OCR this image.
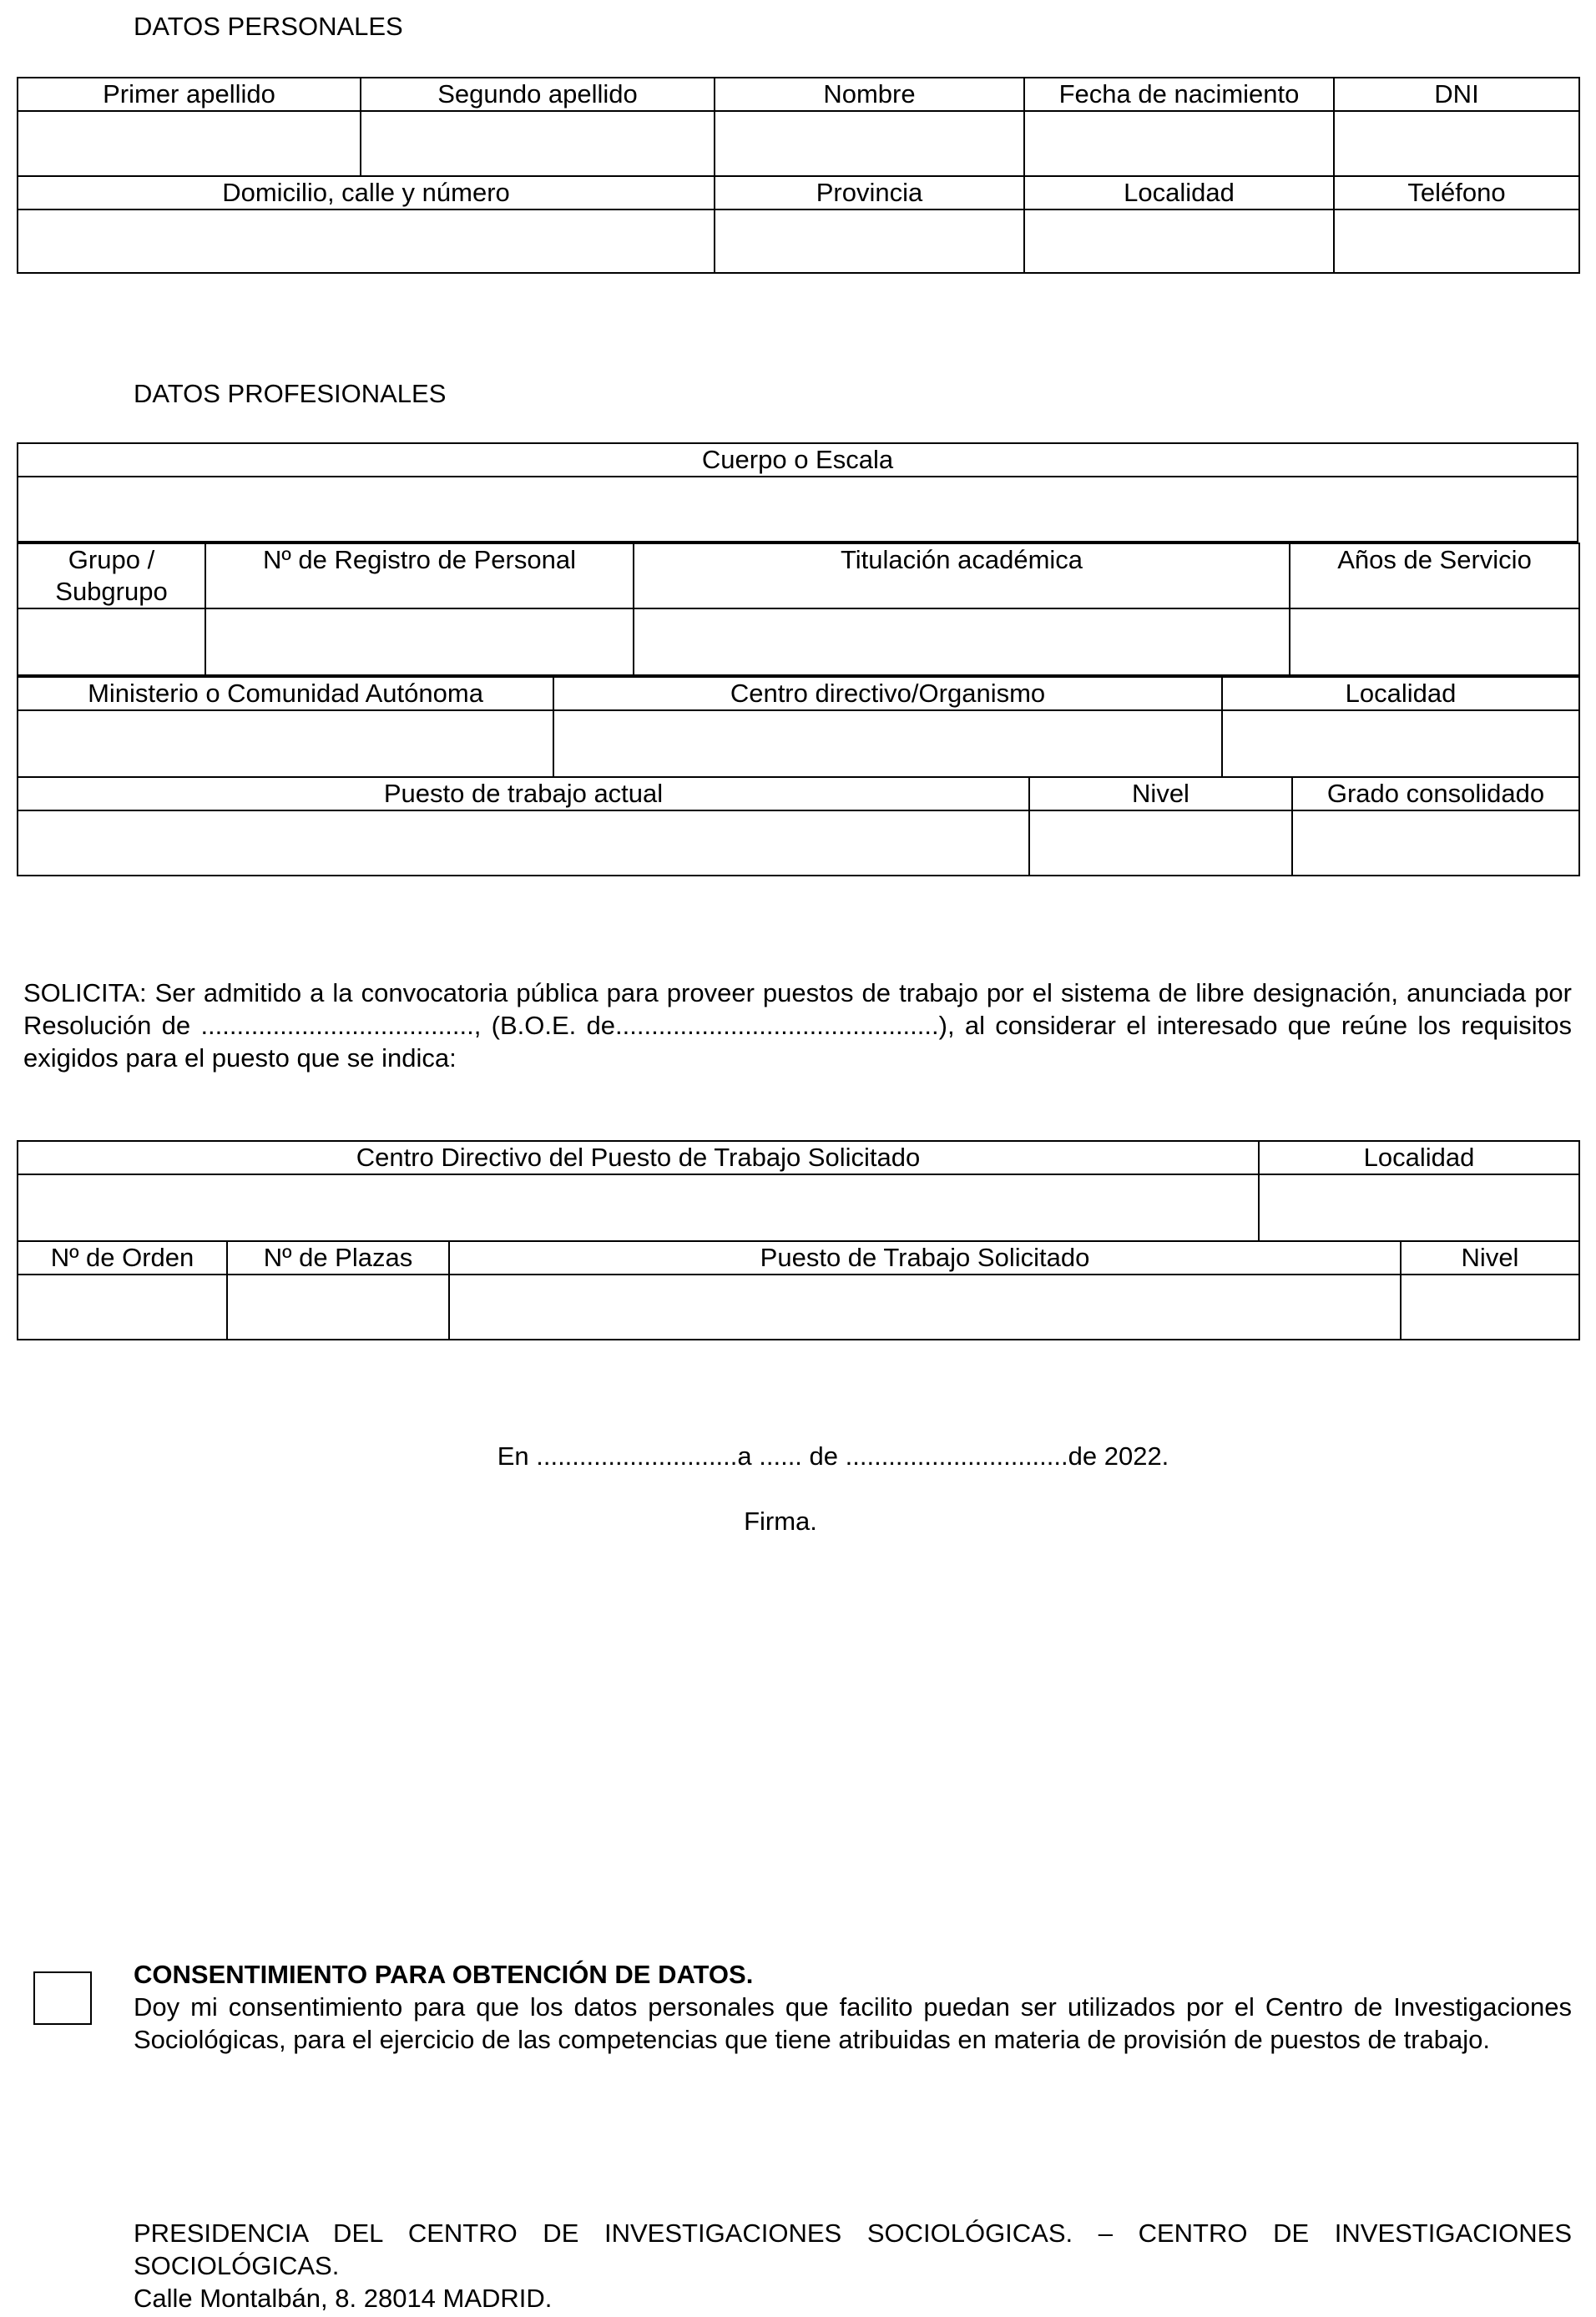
DATOS PERSONALES
Primer apellido	Segundo apellido	Nombre	Fecha de nacimiento	DNI

Domicilio, calle y número		Provincia	Localidad	Teléfono

DATOS PROFESIONALES
Cuerpo o Escala

Grupo / Subgrupo	Nº de Registro de Personal	Titulación académica	Años de Servicio

Ministerio o Comunidad Autónoma	Centro directivo/Organismo	Localidad

Puesto de trabajo actual	Nivel	Grado consolidado

SOLICITA: Ser admitido a la convocatoria pública para proveer puestos de trabajo por el sistema de libre designación, anunciada por Resolución de ......................................, (B.O.E. de.............................................), al considerar el interesado que reúne los requisitos exigidos para el puesto que se indica:
Centro Directivo del Puesto de Trabajo Solicitado	Localidad

Nº de Orden	Nº de Plazas	Puesto de Trabajo Solicitado	Nivel

En ............................a ...... de ...............................de 2022.
Firma.
CONSENTIMIENTO PARA OBTENCIÓN DE DATOS.
Doy mi consentimiento para que los datos personales que facilito puedan ser utilizados por el Centro de Investigaciones Sociológicas, para el ejercicio de las competencias que tiene atribuidas en materia de provisión de puestos de trabajo.
PRESIDENCIA DEL CENTRO DE INVESTIGACIONES SOCIOLÓGICAS. – CENTRO DE INVESTIGACIONES SOCIOLÓGICAS.
Calle Montalbán, 8. 28014 MADRID.
